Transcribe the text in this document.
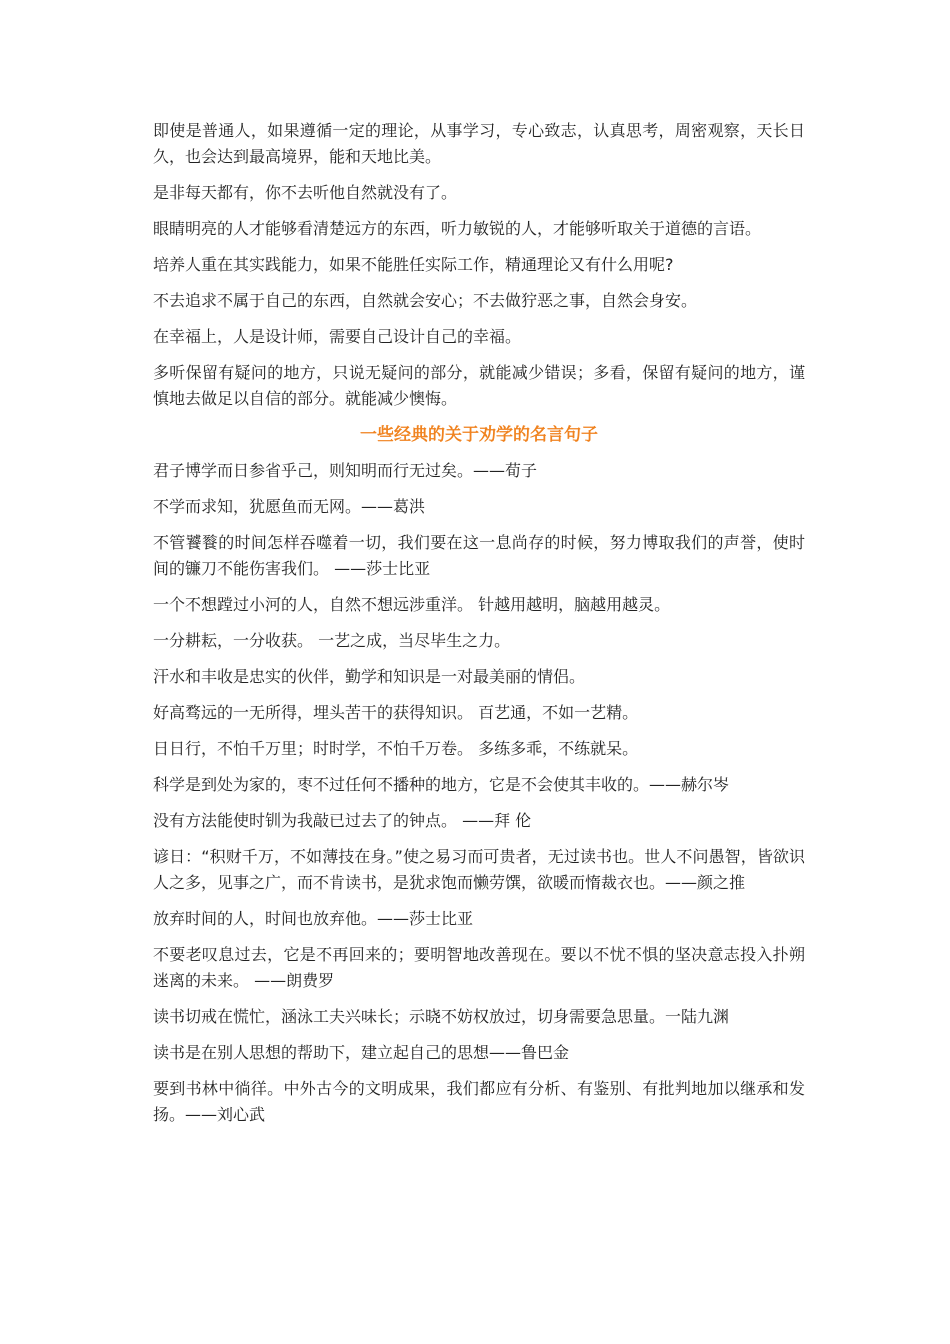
即使是普通人，如果遵循一定的理论，从事学习，专心致志，认真思考，周密观察，天长日久，也会达到最高境界，能和天地比美。

是非每天都有，你不去听他自然就没有了。

眼睛明亮的人才能够看清楚远方的东西，听力敏锐的人，才能够听取关于道德的言语。

培养人重在其实践能力，如果不能胜任实际工作，精通理论又有什么用呢?

不去追求不属于自己的东西，自然就会安心；不去做狞恶之事，自然会身安。

在幸福上，人是设计师，需要自己设计自己的幸福。

多听保留有疑问的地方，只说无疑问的部分，就能减少错误；多看，保留有疑问的地方，谨慎地去做足以自信的部分。就能减少懊悔。

一些经典的关于劝学的名言句子

君子博学而日参省乎己，则知明而行无过矣。——荀子

不学而求知，犹愿鱼而无网。——葛洪

不管饕餮的时间怎样吞噬着一切，我们要在这一息尚存的时候，努力博取我们的声誉，使时间的镰刀不能伤害我们。 ——莎士比亚

一个不想蹚过小河的人，自然不想远涉重洋。 针越用越明，脑越用越灵。

一分耕耘，一分收获。 一艺之成，当尽毕生之力。

汗水和丰收是忠实的伙伴，勤学和知识是一对最美丽的情侣。

好高骛远的一无所得，埋头苦干的获得知识。 百艺通，不如一艺精。

日日行，不怕千万里；时时学，不怕千万卷。 多练多乖，不练就呆。

科学是到处为家的，枣不过任何不播种的地方，它是不会使其丰收的。——赫尔岑

没有方法能使时钏为我敲已过去了的钟点。 ——拜 伦

谚日：“积财千万，不如薄技在身。”使之易习而可贵者，无过读书也。世人不问愚智，皆欲识人之多，见事之广，而不肯读书，是犹求饱而懒劳馔，欲暖而惰裁衣也。——颜之推

放弃时间的人，时间也放弃他。——莎士比亚

不要老叹息过去，它是不再回来的；要明智地改善现在。要以不忧不惧的坚决意志投入扑朔迷离的未来。 ——朗费罗

读书切戒在慌忙，涵泳工夫兴味长；示晓不妨权放过，切身需要急思量。一陆九渊

读书是在别人思想的帮助下，建立起自己的思想——鲁巴金

要到书林中徜徉。中外古今的文明成果，我们都应有分析、有鉴别、有批判地加以继承和发扬。——刘心武
